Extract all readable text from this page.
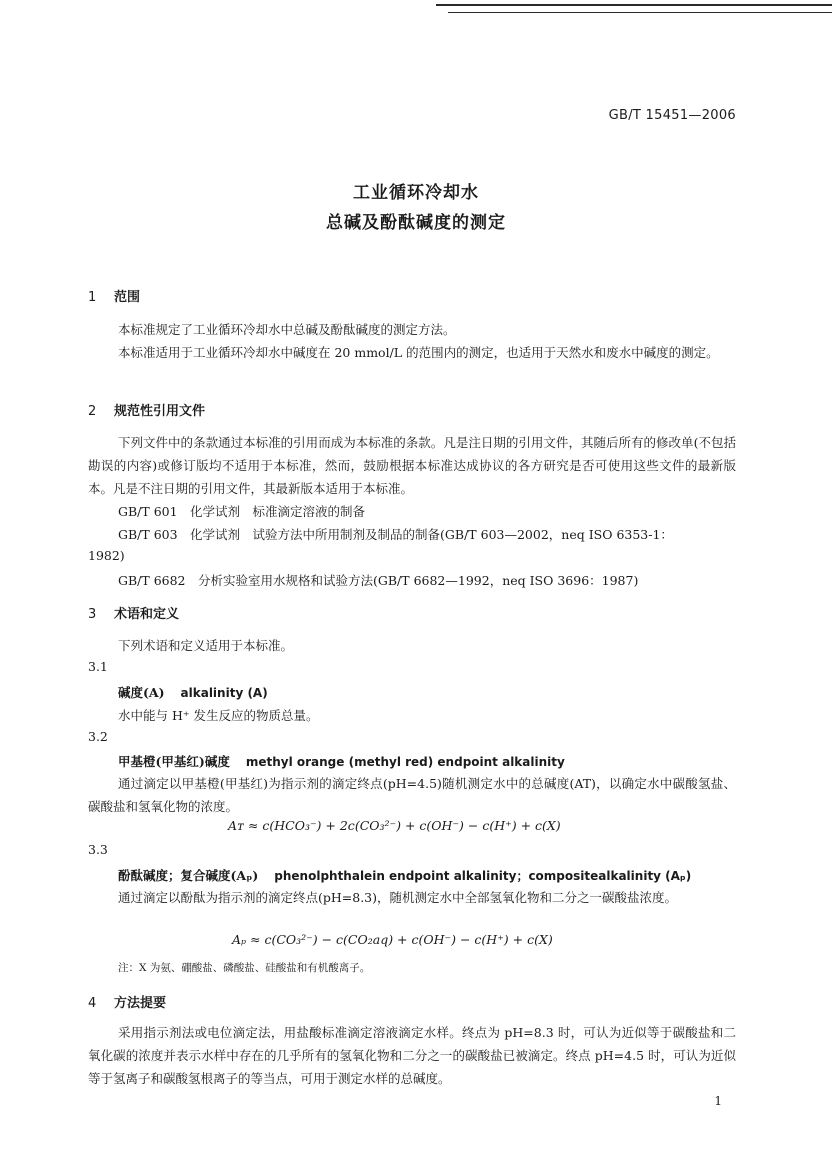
GB/T 15451—2006
工业循环冷却水
总碱及酚酞碱度的测定
1 范围
本标准规定了工业循环冷却水中总碱及酚酞碱度的测定方法。
本标准适用于工业循环冷却水中碱度在 20 mmol/L 的范围内的测定，也适用于天然水和废水中碱度的测定。
2 规范性引用文件
下列文件中的条款通过本标准的引用而成为本标准的条款。凡是注日期的引用文件，其随后所有的修改单(不包括勘误的内容)或修订版均不适用于本标准，然而，鼓励根据本标准达成协议的各方研究是否可使用这些文件的最新版本。凡是不注日期的引用文件，其最新版本适用于本标准。
GB/T 601　化学试剂　标准滴定溶液的制备
GB/T 603　化学试剂　试验方法中所用制剂及制品的制备(GB/T 603—2002，neq ISO 6353-1：
1982)
GB/T 6682　分析实验室用水规格和试验方法(GB/T 6682—1992，neq ISO 3696：1987)
3 术语和定义
下列术语和定义适用于本标准。
3.1
碱度(A) alkalinity (A)
水中能与 H⁺ 发生反应的物质总量。
3.2
甲基橙(甲基红)碱度 methyl orange (methyl red) endpoint alkalinity
通过滴定以甲基橙(甲基红)为指示剂的滴定终点(pH=4.5)随机测定水中的总碱度(AT)，以确定水中碳酸氢盐、碳酸盐和氢氧化物的浓度。
Aᴛ ≈ c(HCO₃⁻) + 2c(CO₃²⁻) + c(OH⁻) − c(H⁺) + c(X)
3.3
酚酞碱度；复合碱度(Aₚ) phenolphthalein endpoint alkalinity；compositealkalinity (Aₚ)
通过滴定以酚酞为指示剂的滴定终点(pH=8.3)，随机测定水中全部氢氧化物和二分之一碳酸盐浓度。
Aₚ ≈ c(CO₃²⁻) − c(CO₂aq) + c(OH⁻) − c(H⁺) + c(X)
注：X 为氨、硼酸盐、磷酸盐、硅酸盐和有机酸离子。
4 方法提要
采用指示剂法或电位滴定法，用盐酸标准滴定溶液滴定水样。终点为 pH=8.3 时，可认为近似等于碳酸盐和二氧化碳的浓度并表示水样中存在的几乎所有的氢氧化物和二分之一的碳酸盐已被滴定。终点 pH=4.5 时，可认为近似等于氢离子和碳酸氢根离子的等当点，可用于测定水样的总碱度。
1
